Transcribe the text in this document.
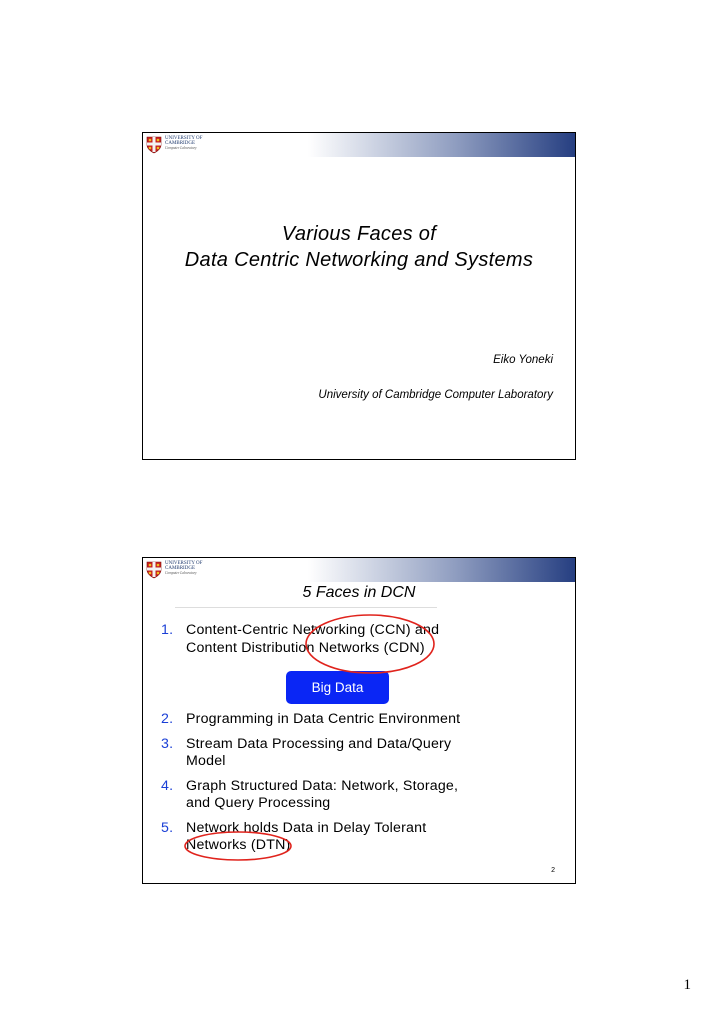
UNIVERSITY OF
CAMBRIDGE
Computer Laboratory
Various Faces of
Data Centric Networking and Systems
Eiko Yoneki
University of Cambridge Computer Laboratory
UNIVERSITY OF
CAMBRIDGE
Computer Laboratory
5 Faces in DCN
1. Content-Centric Networking (CCN) and
Content Distribution Networks (CDN)
2. Programming in Data Centric Environment
3. Stream Data Processing and Data/Query
Model
4. Graph Structured Data: Network, Storage,
and Query Processing
5. Network holds Data in Delay Tolerant
Networks (DTN)
Big Data
2
1
